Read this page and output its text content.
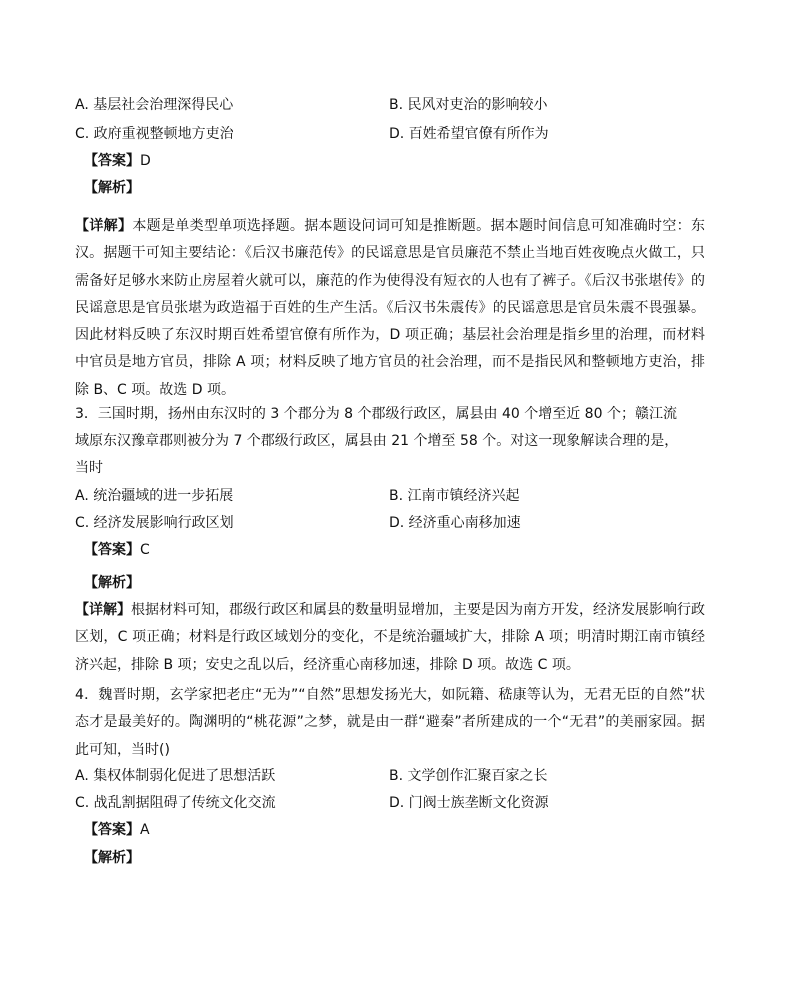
A. 基层社会治理深得民心	B. 民风对吏治的影响较小
C. 政府重视整顿地方吏治	D. 百姓希望官僚有所作为
【答案】D
【解析】
【详解】本题是单类型单项选择题。据本题设问词可知是推断题。据本题时间信息可知准确时空：东汉。据题干可知主要结论：《后汉书廉范传》的民谣意思是官员廉范不禁止当地百姓夜晚点火做工，只需备好足够水来防止房屋着火就可以，廉范的作为使得没有短衣的人也有了裤子。《后汉书张堪传》的民谣意思是官员张堪为政造福于百姓的生产生活。《后汉书朱震传》的民谣意思是官员朱震不畏强暴。因此材料反映了东汉时期百姓希望官僚有所作为，D 项正确；基层社会治理是指乡里的治理，而材料中官员是地方官员，排除 A 项；材料反映了地方官员的社会治理，而不是指民风和整顿地方吏治，排除 B、C 项。故选 D 项。
3．三国时期，扬州由东汉时的 3 个郡分为 8 个郡级行政区，属县由 40 个增至近 80 个；赣江流
域原东汉豫章郡则被分为 7 个郡级行政区，属县由 21 个增至 58 个。对这一现象解读合理的是，
当时
A. 统治疆域的进一步拓展	B. 江南市镇经济兴起
C. 经济发展影响行政区划	D. 经济重心南移加速
【答案】C
【解析】
【详解】根据材料可知，郡级行政区和属县的数量明显增加，主要是因为南方开发，经济发展影响行政区划，C 项正确；材料是行政区域划分的变化，不是统治疆域扩大，排除 A 项；明清时期江南市镇经济兴起，排除 B 项；安史之乱以后，经济重心南移加速，排除 D 项。故选 C 项。
4．魏晋时期，玄学家把老庄“无为”“自然”思想发扬光大，如阮籍、嵇康等认为，无君无臣的自然”状态才是最美好的。陶渊明的“桃花源”之梦，就是由一群“避秦”者所建成的一个“无君”的美丽家园。据此可知，当时()
A. 集权体制弱化促进了思想活跃	B. 文学创作汇聚百家之长
C. 战乱割据阻碍了传统文化交流	D. 门阀士族垄断文化资源
【答案】A
【解析】
